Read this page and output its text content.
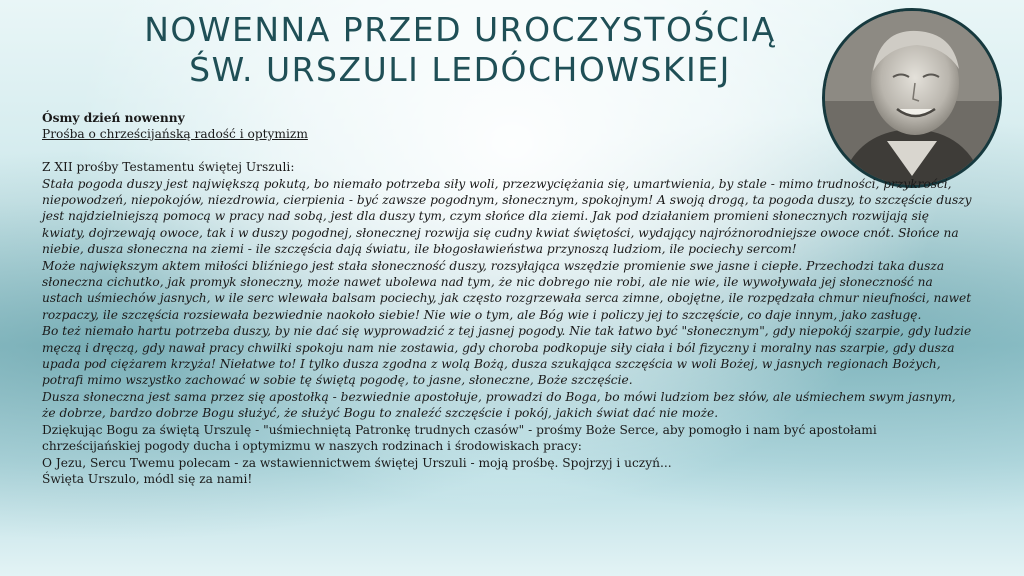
NOWENNA PRZED UROCZYSTOŚCIĄ
ŚW. URSZULI LEDÓCHOWSKIEJ

Ósmy dzień nowenny

Prośba o chrześcijańską radość i optymizm

Z XII prośby Testamentu świętej Urszuli:

Stała pogoda duszy jest największą pokutą, bo niemało potrzeba siły woli, przezwyciężania się, umartwienia, by stale - mimo trudności, przykrości, niepowodzeń, niepokojów, niezdrowia, cierpienia - być zawsze pogodnym, słonecznym, spokojnym! A swoją drogą, ta pogoda duszy, to szczęście duszy jest najdzielniejszą pomocą w pracy nad sobą, jest dla duszy tym, czym słońce dla ziemi. Jak pod działaniem promieni słonecznych rozwijają się kwiaty, dojrzewają owoce, tak i w duszy pogodnej, słonecznej rozwija się cudny kwiat świętości, wydający najróżnorodniejsze owoce cnót. Słońce na niebie, dusza słoneczna na ziemi - ile szczęścia dają światu, ile błogosławieństwa przynoszą ludziom, ile pociechy sercom!

Może największym aktem miłości bliźniego jest stała słoneczność duszy, rozsyłająca wszędzie promienie swe jasne i ciepłe. Przechodzi taka dusza słoneczna cichutko, jak promyk słoneczny, może nawet ubolewa nad tym, że nic dobrego nie robi, ale nie wie, ile wywoływała jej słoneczność na ustach uśmiechów jasnych, w ile serc wlewała balsam pociechy, jak często rozgrzewała serca zimne, obojętne, ile rozpędzała chmur nieufności, nawet rozpaczy, ile szczęścia rozsiewała bezwiednie naokoło siebie! Nie wie o tym, ale Bóg wie i policzy jej to szczęście, co daje innym, jako zasługę.

Bo też niemało hartu potrzeba duszy, by nie dać się wyprowadzić z tej jasnej pogody. Nie tak łatwo być "słonecznym", gdy niepokój szarpie, gdy ludzie męczą i dręczą, gdy nawał pracy chwilki spokoju nam nie zostawia, gdy choroba podkopuje siły ciała i ból fizyczny i moralny nas szarpie, gdy dusza upada pod ciężarem krzyża! Niełatwe to! I tylko dusza zgodna z wolą Bożą, dusza szukająca szczęścia w woli Bożej, w jasnych regionach Bożych, potrafi mimo wszystko zachować w sobie tę świętą pogodę, to jasne, słoneczne, Boże szczęście.

Dusza słoneczna jest sama przez się apostołką - bezwiednie apostołuje, prowadzi do Boga, bo mówi ludziom bez słów, ale uśmiechem swym jasnym, że dobrze, bardzo dobrze Bogu służyć, że służyć Bogu to znaleźć szczęście i pokój, jakich świat dać nie może.

Dziękując Bogu za świętą Urszulę - "uśmiechniętą Patronkę trudnych czasów" - prośmy Boże Serce, aby pomogło i nam być apostołami chrześcijańskiej pogody ducha i optymizmu w naszych rodzinach i środowiskach pracy:

O Jezu, Sercu Twemu polecam - za wstawiennictwem świętej Urszuli - moją prośbę. Spojrzyj i uczyń...

Święta Urszulo, módl się za nami!
